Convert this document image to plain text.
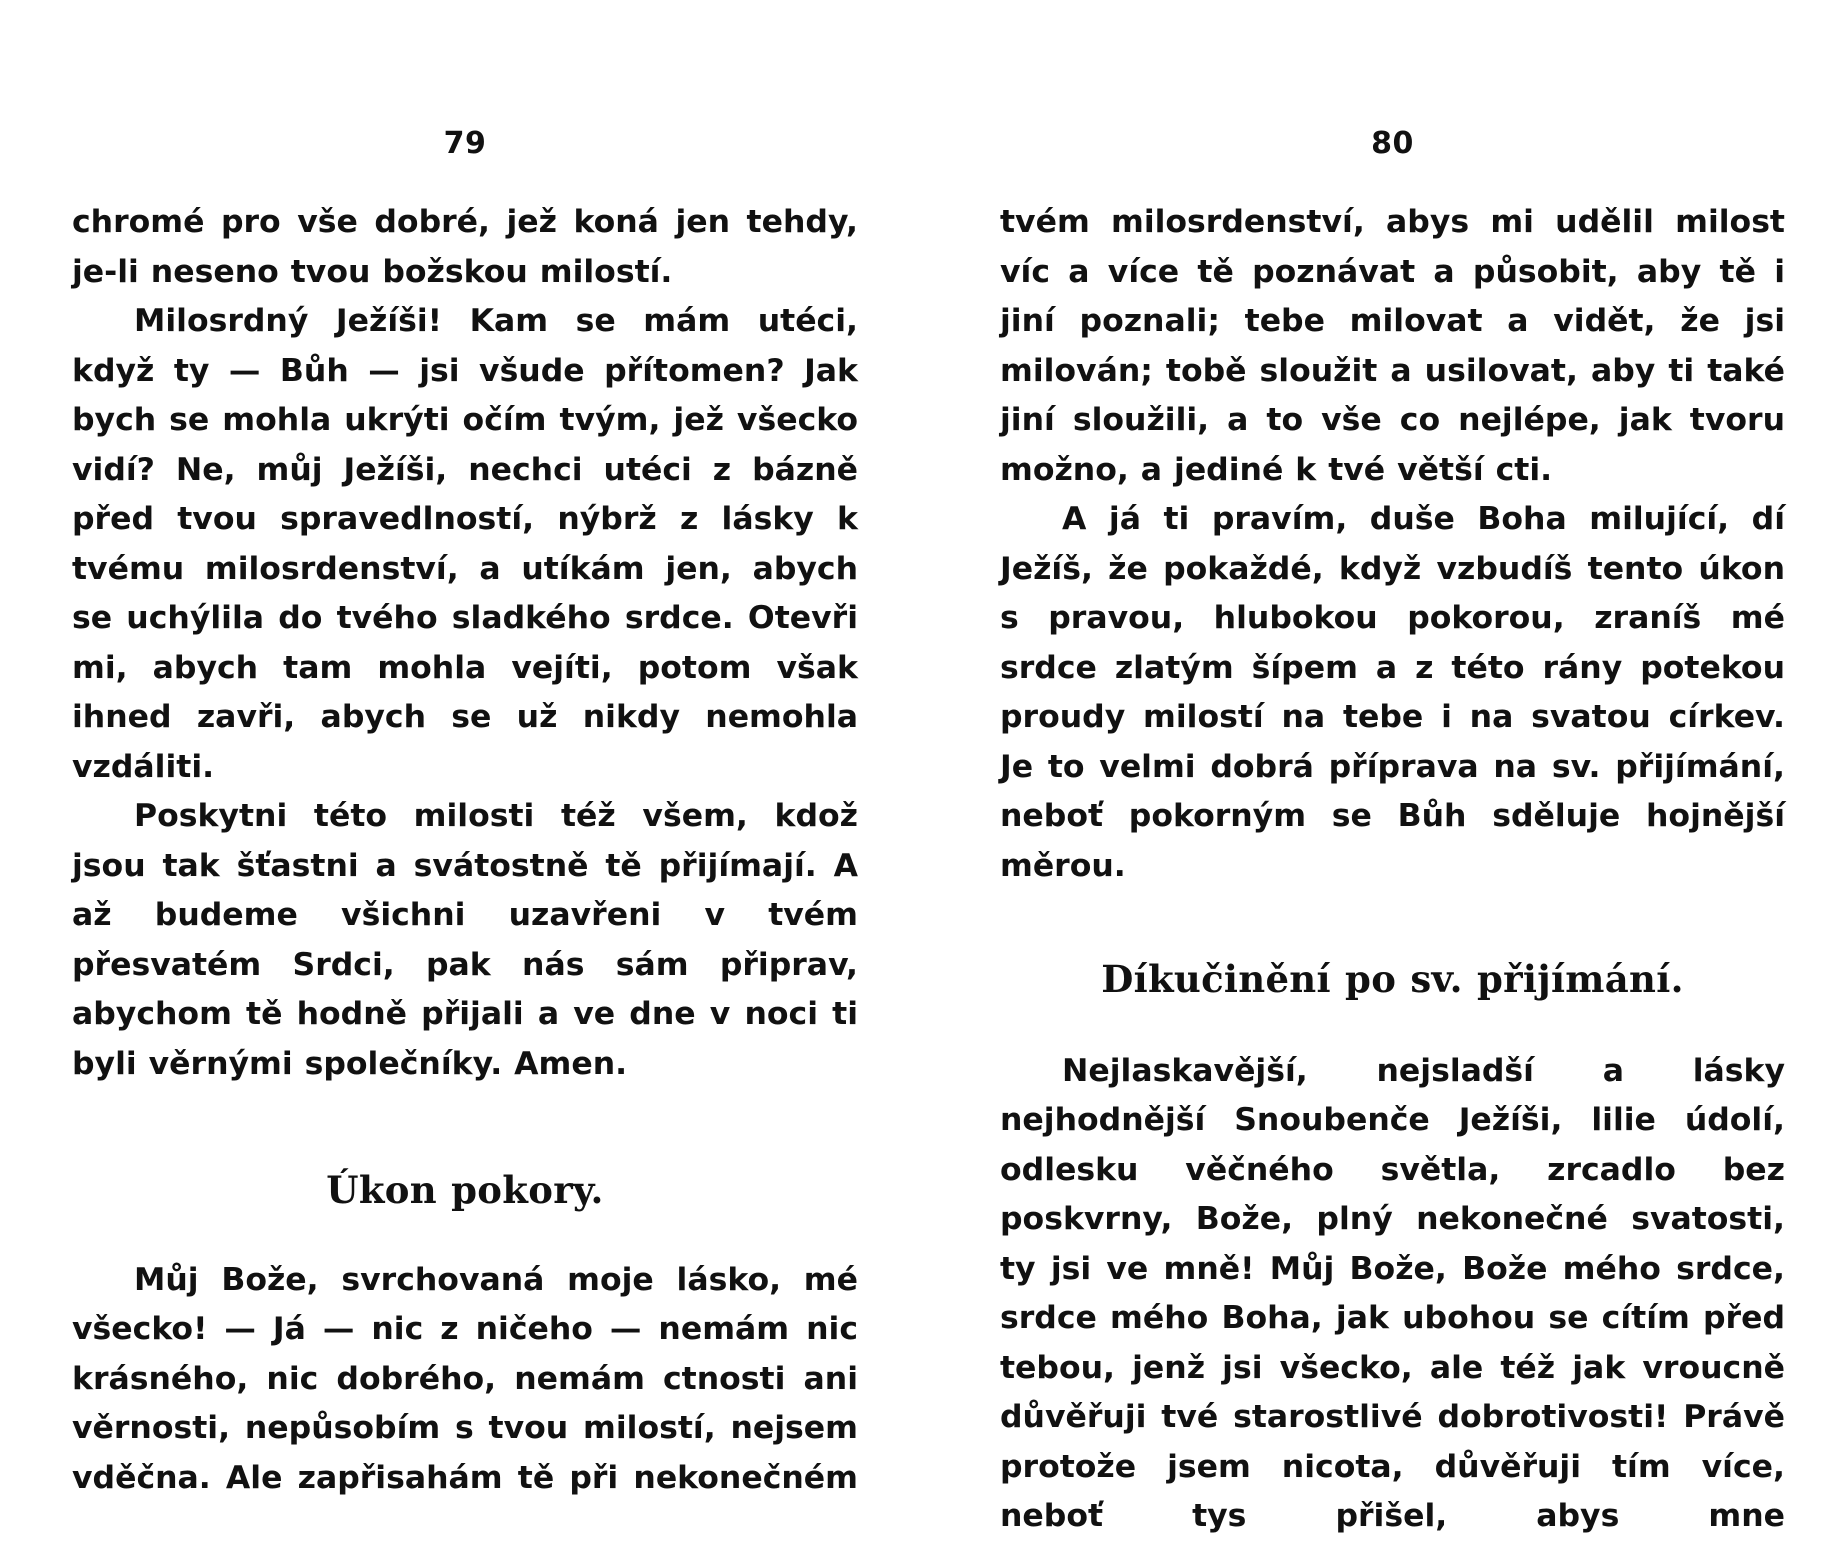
79

chromé pro vše dobré, jež koná jen tehdy, je-li neseno tvou božskou milostí.

Milosrdný Ježíši! Kam se mám utéci, když ty — Bůh — jsi všude přítomen? Jak bych se mohla ukrýti očím tvým, jež všecko vidí? Ne, můj Ježíši, nechci utéci z bázně před tvou spravedlností, nýbrž z lásky k tvému milosrdenství, a utíkám jen, abych se uchýlila do tvého sladkého srdce. Otevři mi, abych tam mohla vejíti, potom však ihned zavři, abych se už nikdy nemohla vzdáliti.

Poskytni této milosti též všem, kdož jsou tak šťastni a svátostně tě přijímají. A až budeme všichni uzavřeni v tvém přesvatém Srdci, pak nás sám připrav, abychom tě hodně přijali a ve dne v noci ti byli věrnými společníky. Amen.

Úkon pokory.

Můj Bože, svrchovaná moje lásko, mé všecko! — Já — nic z ničeho — nemám nic krásného, nic dobrého, nemám ctnosti ani věrnosti, nepůsobím s tvou milostí, nejsem vděčna. Ale zapřisahám tě při nekonečném

80

tvém milosrdenství, abys mi udělil milost víc a více tě poznávat a působit, aby tě i jiní poznali; tebe milovat a vidět, že jsi milován; tobě sloužit a usilovat, aby ti také jiní sloužili, a to vše co nejlépe, jak tvoru možno, a jediné k tvé větší cti.

A já ti pravím, duše Boha milující, dí Ježíš, že pokaždé, když vzbudíš tento úkon s pravou, hlubokou pokorou, zraníš mé srdce zlatým šípem a z této rány potekou proudy milostí na tebe i na svatou církev. Je to velmi dobrá příprava na sv. přijímání, neboť pokorným se Bůh sděluje hojnější měrou.

Díkučinění po sv. přijímání.

Nejlaskavější, nejsladší a lásky nejhodnější Snoubenče Ježíši, lilie údolí, odlesku věčného světla, zrcadlo bez poskvrny, Bože, plný nekonečné svatosti, ty jsi ve mně! Můj Bože, Bože mého srdce, srdce mého Boha, jak ubohou se cítím před tebou, jenž jsi všecko, ale též jak vroucně důvěřuji tvé starostlivé dobrotivosti! Právě protože jsem nicota, důvěřuji tím více, neboť tys přišel, abys mne
